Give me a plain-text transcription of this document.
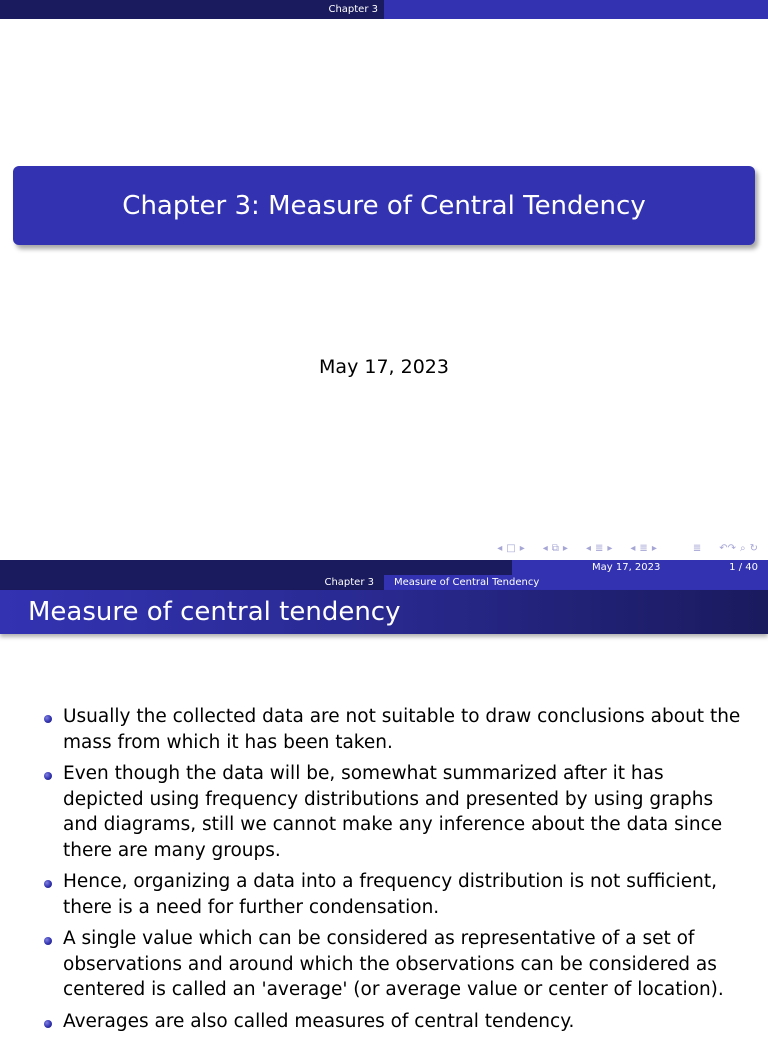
Chapter 3
Chapter 3: Measure of Central Tendency
May 17, 2023
◂ □ ▸ ◂ ⧉ ▸ ◂ ≣ ▸ ◂ ≣ ▸	≣ ↶↷ ⌕ ↻
May 17, 2023	1 / 40
Chapter 3 Measure of Central Tendency
Measure of central tendency
Usually the collected data are not suitable to draw conclusions about the mass from which it has been taken.
Even though the data will be, somewhat summarized after it has depicted using frequency distributions and presented by using graphs and diagrams, still we cannot make any inference about the data since there are many groups.
Hence, organizing a data into a frequency distribution is not sufficient, there is a need for further condensation.
A single value which can be considered as representative of a set of observations and around which the observations can be considered as centered is called an 'average' (or average value or center of location).
Averages are also called measures of central tendency.
